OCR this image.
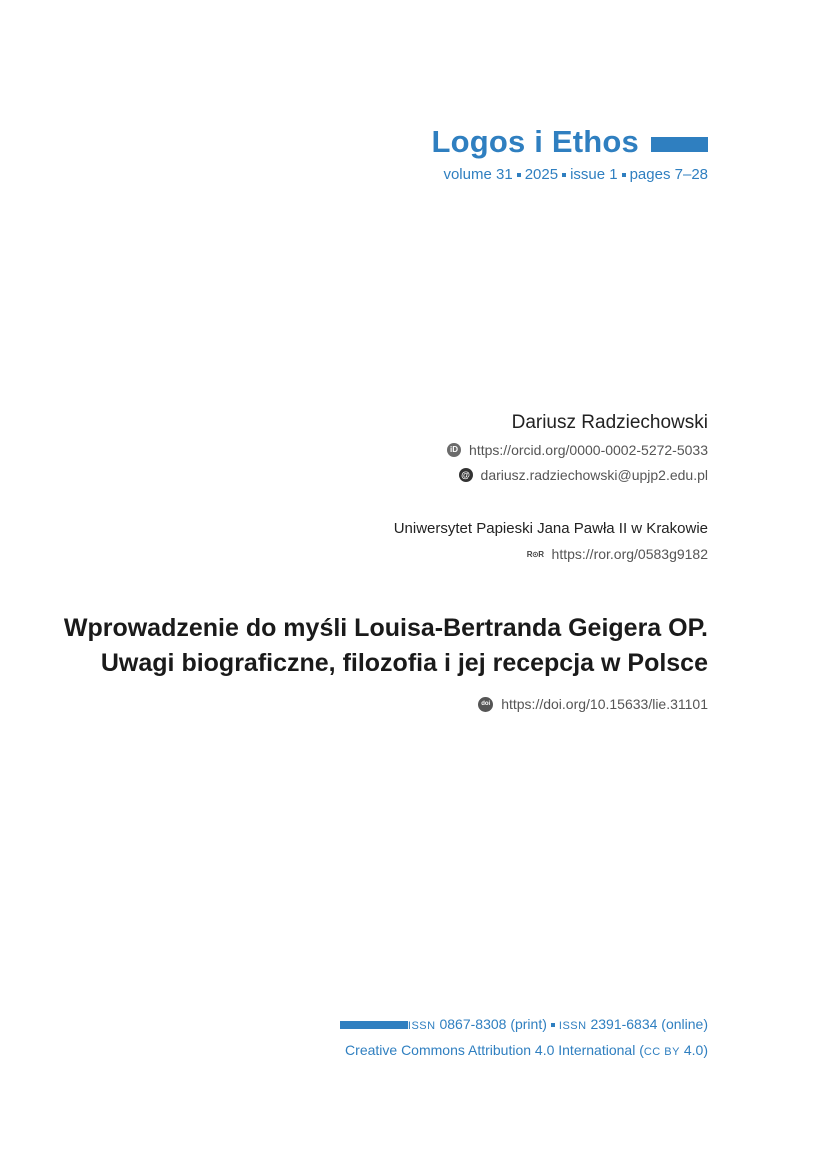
Logos i Ethos
volume 31 2025 issue 1 pages 7–28
Dariusz Radziechowski
iD https://orcid.org/0000-0002-5272-5033
@ dariusz.radziechowski@upjp2.edu.pl
Uniwersytet Papieski Jana Pawła II w Krakowie
R⊙R https://ror.org/0583g9182
Wprowadzenie do myśli Louisa-Bertranda Geigera OP.
Uwagi biograficzne, filozofia i jej recepcja w Polsce
doi https://doi.org/10.15633/lie.31101
ISSN 0867-8308 (print) ISSN 2391-6834 (online)
Creative Commons Attribution 4.0 International (CC BY 4.0)
